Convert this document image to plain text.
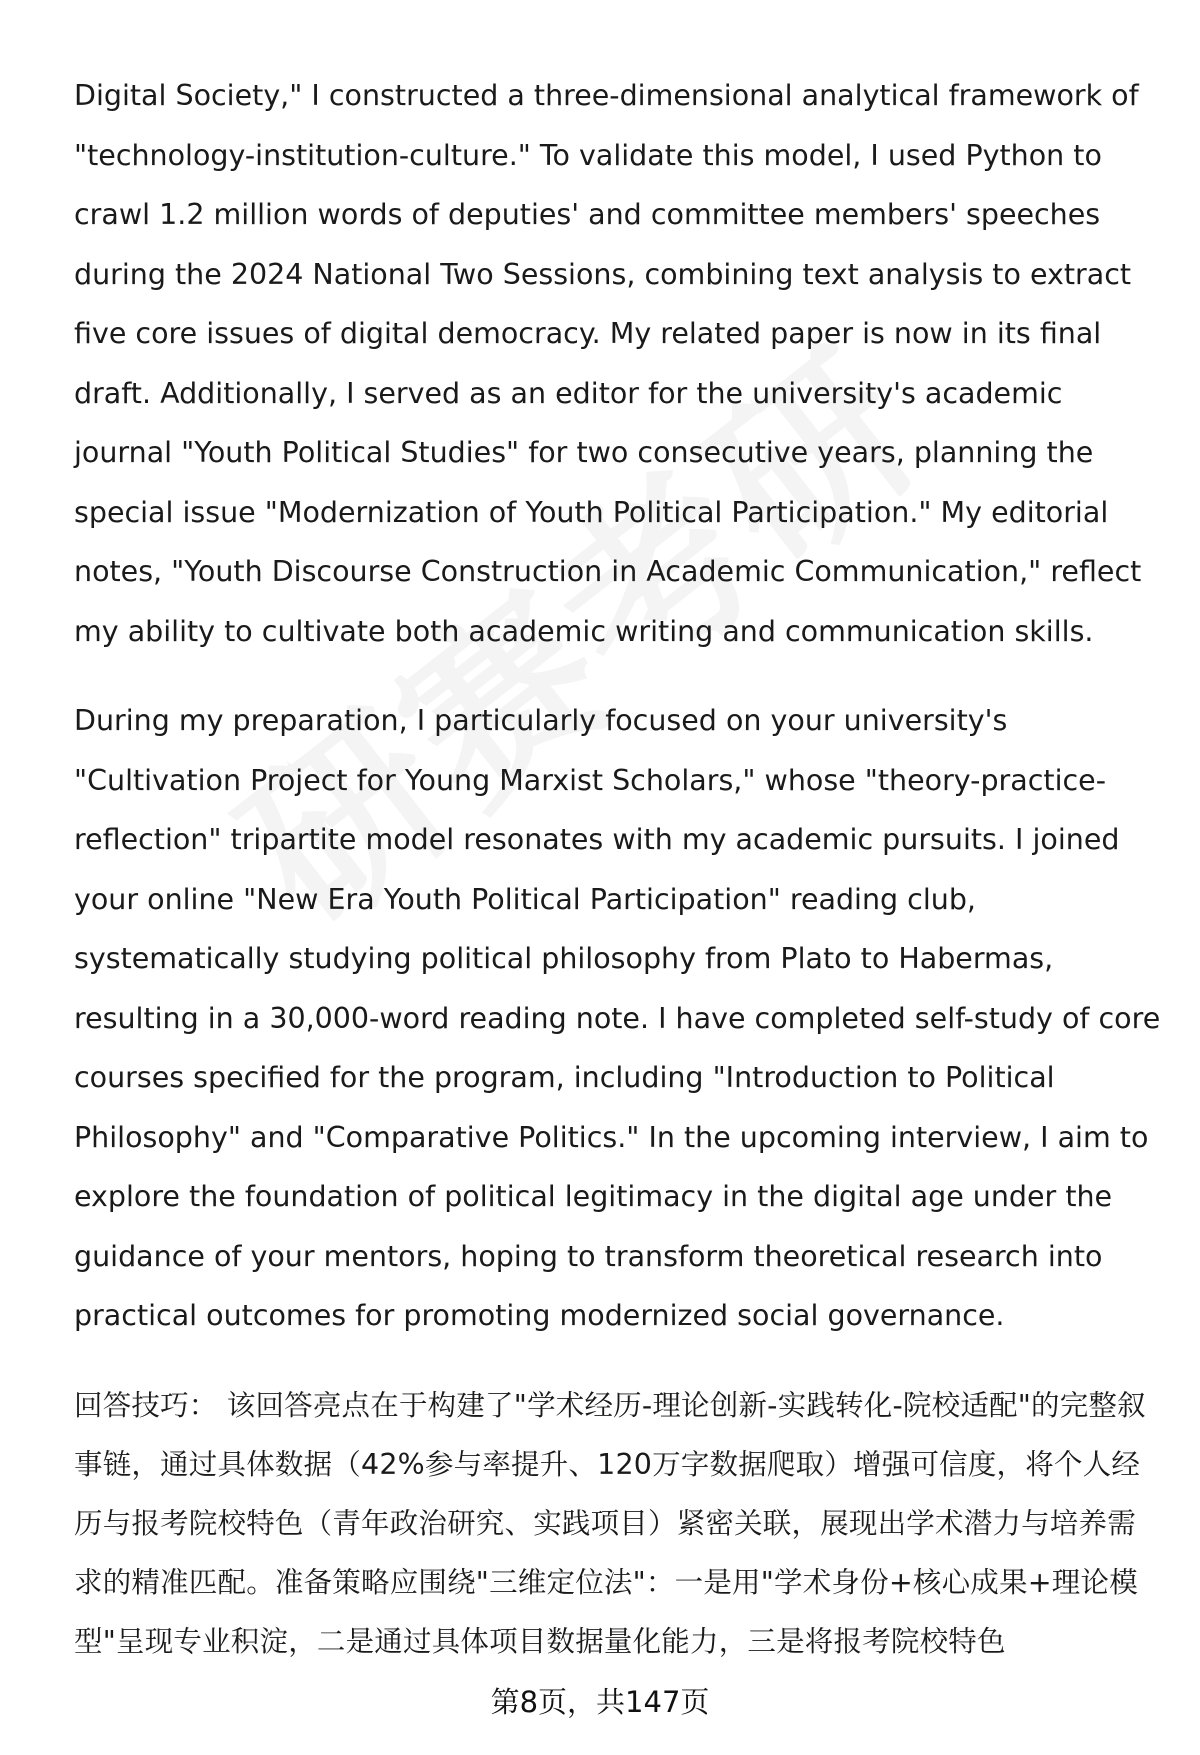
Digital Society," I constructed a three-dimensional analytical framework of "technology-institution-culture." To validate this model, I used Python to crawl 1.2 million words of deputies' and committee members' speeches during the 2024 National Two Sessions, combining text analysis to extract five core issues of digital democracy. My related paper is now in its final draft. Additionally, I served as an editor for the university's academic journal "Youth Political Studies" for two consecutive years, planning the special issue "Modernization of Youth Political Participation." My editorial notes, "Youth Discourse Construction in Academic Communication," reflect my ability to cultivate both academic writing and communication skills.

During my preparation, I particularly focused on your university's "Cultivation Project for Young Marxist Scholars," whose "theory-practice-reflection" tripartite model resonates with my academic pursuits. I joined your online "New Era Youth Political Participation" reading club, systematically studying political philosophy from Plato to Habermas, resulting in a 30,000-word reading note. I have completed self-study of core courses specified for the program, including "Introduction to Political Philosophy" and "Comparative Politics." In the upcoming interview, I aim to explore the foundation of political legitimacy in the digital age under the guidance of your mentors, hoping to transform theoretical research into practical outcomes for promoting modernized social governance.

回答技巧： 该回答亮点在于构建了"学术经历-理论创新-实践转化-院校适配"的完整叙事链，通过具体数据（42%参与率提升、120万字数据爬取）增强可信度，将个人经历与报考院校特色（青年政治研究、实践项目）紧密关联，展现出学术潜力与培养需求的精准匹配。准备策略应围绕"三维定位法"：一是用"学术身份+核心成果+理论模型"呈现专业积淀，二是通过具体项目数据量化能力，三是将报考院校特色

第8页，共147页
